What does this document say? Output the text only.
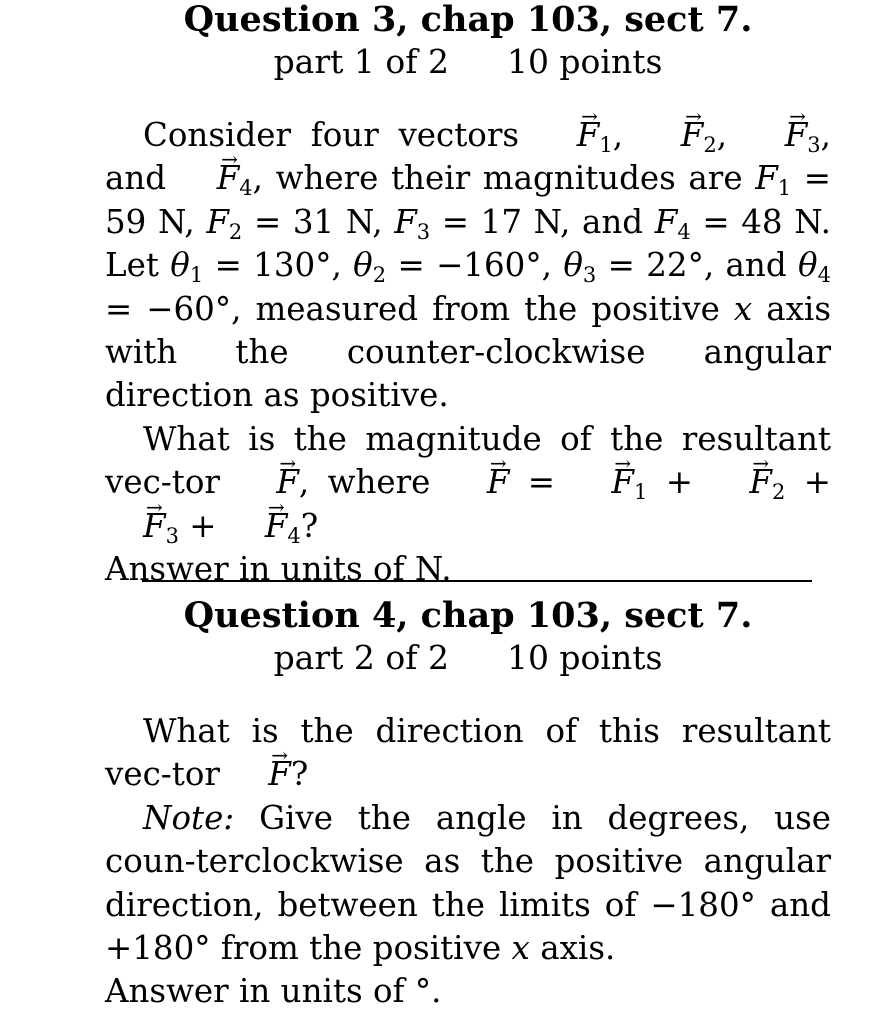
Question 3, chap 103, sect 7.

part 1 of 2 10 points

Consider four vectors → $F_1$, → $F_2$, → $F_3$, and → $F_4$, where their magnitudes are $F_1 = 59$ N, $F_2 = 31$ N, $F_3 = 17$ N, and $F_4 = 48$ N. Let $\theta_1 = 130^\circ$, $\theta_2 = -160^\circ$, $\theta_3 = 22^\circ$, and $\theta_4 = -60^\circ$, measured from the positive x axis with the counter-clockwise angular direction as positive.

What is the magnitude of the resultant vec-tor → F, where → F = → $F_1$ + → $F_2$ + → $F_3$ + → $F_4$?

Answer in units of N.

Question 4, chap 103, sect 7.

part 2 of 2 10 points

What is the direction of this resultant vec-tor → F?

Note: Give the angle in degrees, use coun-terclockwise as the positive angular direction, between the limits of −180° and +180° from the positive x axis.

Answer in units of °.
